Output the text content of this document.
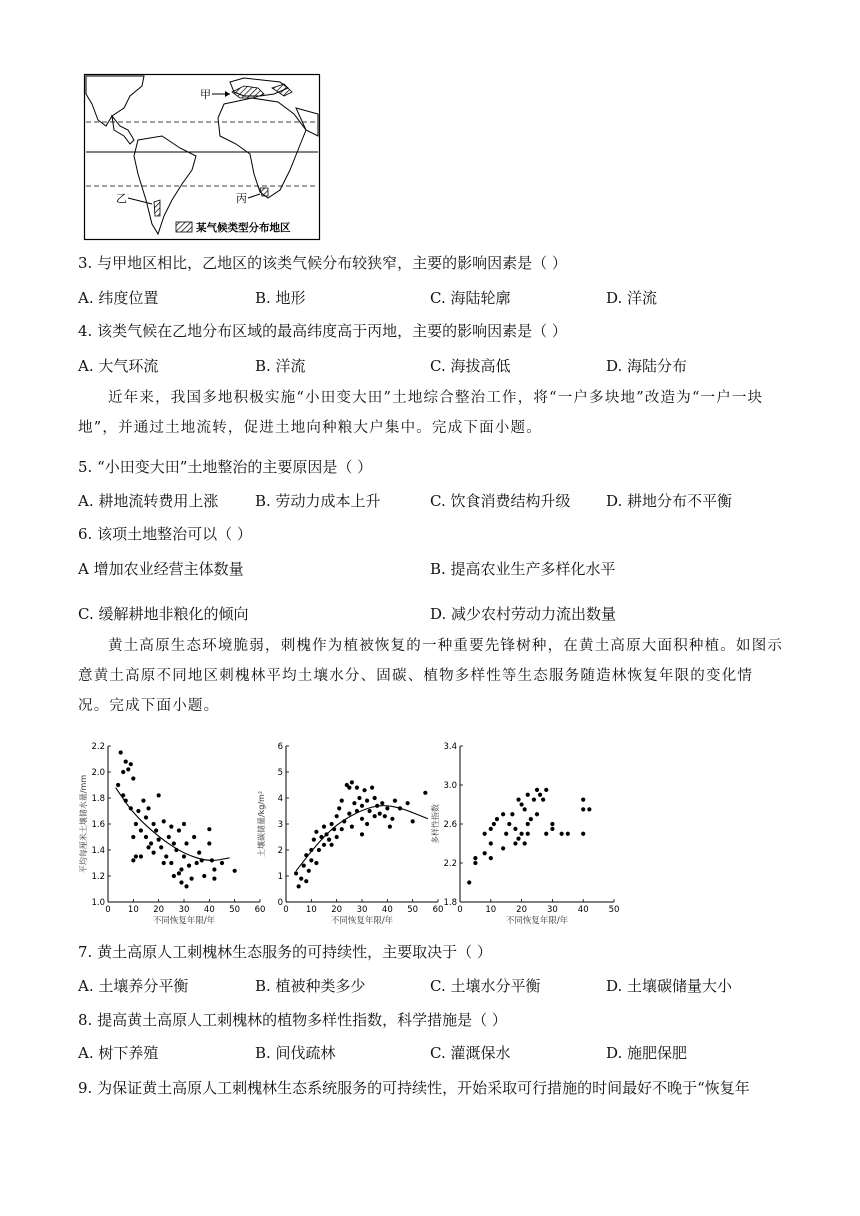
甲
乙	丙
某气候类型分布地区
3. 与甲地区相比，乙地区的该类气候分布较狭窄，主要的影响因素是（ ）
A. 纬度位置	B. 地形	C. 海陆轮廓	D. 洋流
4. 该类气候在乙地分布区域的最高纬度高于丙地，主要的影响因素是（ ）
A. 大气环流	B. 洋流	C. 海拔高低	D. 海陆分布
近年来，我国多地积极实施“小田变大田”土地综合整治工作，将“一户多块地”改造为“一户一块地”，并通过土地流转，促进土地向种粮大户集中。完成下面小题。
5. “小田变大田”土地整治的主要原因是（ ）
A. 耕地流转费用上涨 B. 劳动力成本上升	C. 饮食消费结构升级 D. 耕地分布不平衡
6. 该项土地整治可以（ ）
A 增加农业经营主体数量	B. 提高农业生产多样化水平
C. 缓解耕地非粮化的倾向	D. 减少农村劳动力流出数量
黄土高原生态环境脆弱，刺槐作为植被恢复的一种重要先锋树种，在黄土高原大面积种植。如图示意黄土高原不同地区刺槐林平均土壤水分、固碳、植物多样性等生态服务随造林恢复年限的变化情况。完成下面小题。
0 10 20 30 40 50 60
1.0
1.2
1.4
1.6
1.8
2.0
2.2
不同恢复年限/年
平均每厘米土壤储水量/mm
0 10 20 30 40 50 60
0
1
2
3
4
5
6
不同恢复年限/年
土壤碳储量/kg/m²
0	10 20 30 40 50
1.8
2.2
2.6
3.0
3.4
不同恢复年限/年
多样性指数
7. 黄土高原人工刺槐林生态服务的可持续性，主要取决于（ ）
A. 土壤养分平衡	B. 植被种类多少	C. 土壤水分平衡	D. 土壤碳储量大小
8. 提高黄土高原人工刺槐林的植物多样性指数，科学措施是（ ）
A. 树下养殖	B. 间伐疏林	C. 灌溉保水	D. 施肥保肥
9. 为保证黄土高原人工刺槐林生态系统服务的可持续性，开始采取可行措施的时间最好不晚于“恢复年
